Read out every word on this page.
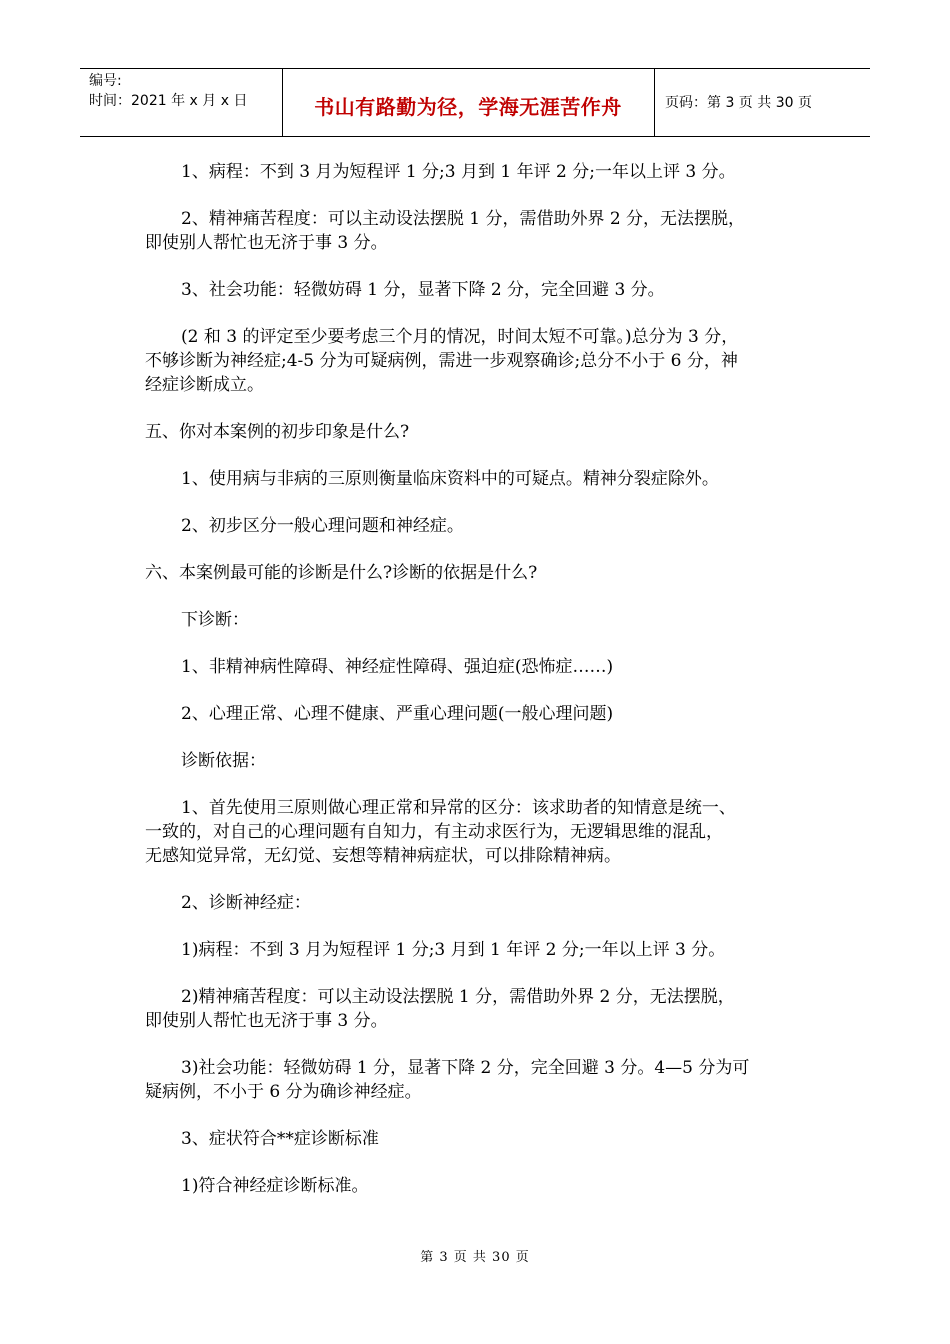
编号:
时间：2021 年 x 月 x 日	书山有路勤为径，学海无涯苦作舟	页码：第 3 页 共 30 页

1、病程：不到 3 月为短程评 1 分;3 月到 1 年评 2 分;一年以上评 3 分。

2、精神痛苦程度：可以主动设法摆脱 1 分，需借助外界 2 分，无法摆脱，

即使别人帮忙也无济于事 3 分。

3、社会功能：轻微妨碍 1 分，显著下降 2 分，完全回避 3 分。

(2 和 3 的评定至少要考虑三个月的情况，时间太短不可靠。)总分为 3 分，

不够诊断为神经症;4-5 分为可疑病例，需进一步观察确诊;总分不小于 6 分，神

经症诊断成立。

五、你对本案例的初步印象是什么?

1、使用病与非病的三原则衡量临床资料中的可疑点。精神分裂症除外。

2、初步区分一般心理问题和神经症。

六、本案例最可能的诊断是什么?诊断的依据是什么?

下诊断：

1、非精神病性障碍、神经症性障碍、强迫症(恐怖症……)

2、心理正常、心理不健康、严重心理问题(一般心理问题)

诊断依据：

1、首先使用三原则做心理正常和异常的区分：该求助者的知情意是统一、

一致的，对自己的心理问题有自知力，有主动求医行为，无逻辑思维的混乱，

无感知觉异常，无幻觉、妄想等精神病症状，可以排除精神病。

2、诊断神经症：

1)病程：不到 3 月为短程评 1 分;3 月到 1 年评 2 分;一年以上评 3 分。

2)精神痛苦程度：可以主动设法摆脱 1 分，需借助外界 2 分，无法摆脱，

即使别人帮忙也无济于事 3 分。

3)社会功能：轻微妨碍 1 分，显著下降 2 分，完全回避 3 分。4—5 分为可

疑病例，不小于 6 分为确诊神经症。

3、症状符合**症诊断标准

1)符合神经症诊断标准。

第 3 页 共 30 页
